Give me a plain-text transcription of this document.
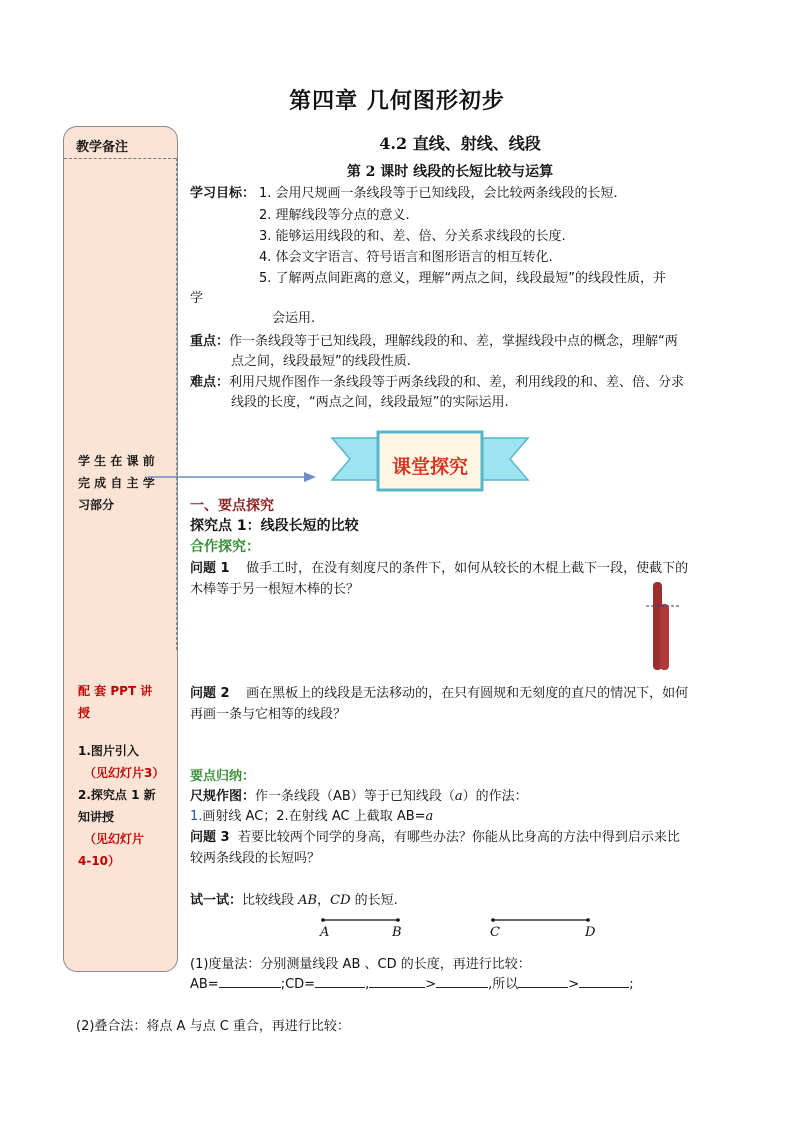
第四章 几何图形初步
教学备注
学 生 在 课 前
完 成 自 主 学
习部分
配 套 PPT 讲
授
1.图片引入
（见幻灯片3）
2.探究点 1 新
知讲授
（见幻灯片
4-10）
4.2 直线、射线、线段
第 2 课时 线段的长短比较与运算
学习目标： 1. 会用尺规画一条线段等于已知线段，会比较两条线段的长短.
2. 理解线段等分点的意义.
3. 能够运用线段的和、差、倍、分关系求线段的长度.
4. 体会文字语言、符号语言和图形语言的相互转化.
5. 了解两点间距离的意义，理解“两点之间，线段最短”的线段性质，并
学
会运用.
重点：作一条线段等于已知线段，理解线段的和、差，掌握线段中点的概念，理解“两
点之间，线段最短”的线段性质.
难点：利用尺规作图作一条线段等于两条线段的和、差，利用线段的和、差、倍、分求
线段的长度，“两点之间，线段最短”的实际运用.
课堂探究
一、要点探究
探究点 1：线段长短的比较
合作探究：
问题 1 做手工时，在没有刻度尺的条件下，如何从较长的木棍上截下一段，使截下的
木棒等于另一根短木棒的长？
问题 2 画在黑板上的线段是无法移动的，在只有圆规和无刻度的直尺的情况下，如何
再画一条与它相等的线段？
要点归纳：
尺规作图：作一条线段（AB）等于已知线段（a）的作法：
1.画射线 AC；2.在射线 AC 上截取 AB=a
问题 3 若要比较两个同学的身高，有哪些办法？你能从比身高的方法中得到启示来比
较两条线段的长短吗？
试一试：比较线段 AB，CD 的长短.
A	B	C	D
(1)度量法：分别测量线段 AB 、CD 的长度，再进行比较：
AB=	;CD=	,	>	,所以	>	;
(2)叠合法：将点 A 与点 C 重合，再进行比较：
